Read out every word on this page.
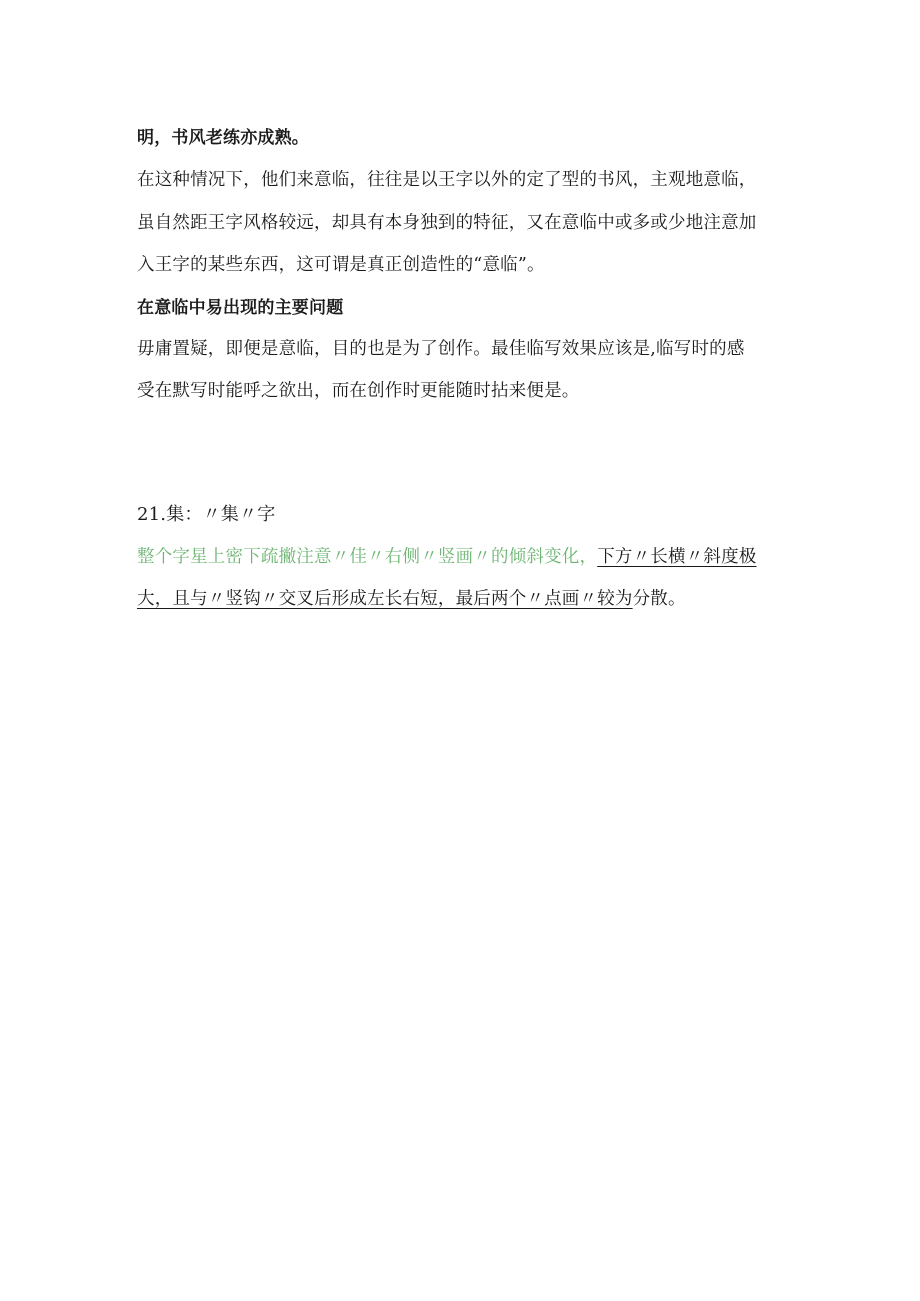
明，书风老练亦成熟。
在这种情况下，他们来意临，往往是以王字以外的定了型的书风，主观地意临，
虽自然距王字风格较远，却具有本身独到的特征，又在意临中或多或少地注意加
入王字的某些东西，这可谓是真正创造性的“意临”。
在意临中易出现的主要问题
毋庸置疑，即便是意临，目的也是为了创作。最佳临写效果应该是,临写时的感
受在默写时能呼之欲出，而在创作时更能随时拈来便是。
21.集：〃集〃字
整个字星上密下疏撇注意〃佳〃右侧〃竖画〃的倾斜变化，下方〃长横〃斜度极
大，且与〃竖钩〃交叉后形成左长右短，最后两个〃点画〃较为分散。
